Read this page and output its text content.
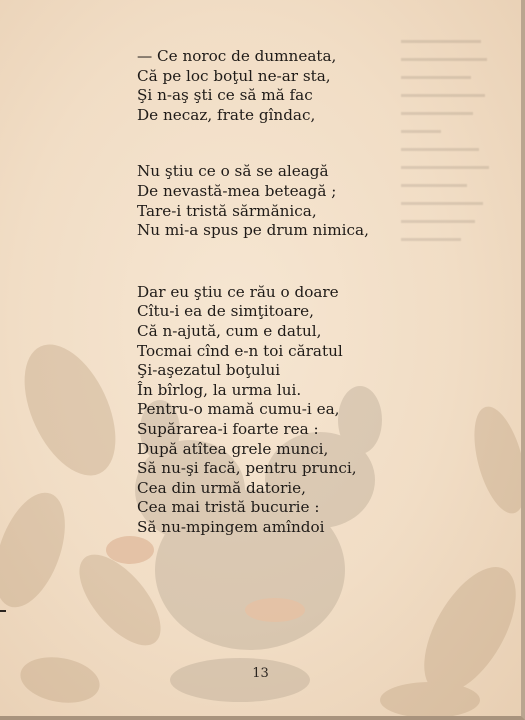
— Ce noroc de dumneata,
Că pe loc boţul ne-ar sta,
Şi n-aş şti ce să mă fac
De necaz, frate gîndac,
Nu ştiu ce o să se aleagă
De nevastă-mea beteagă ;
Tare-i tristă sărmănica,
Nu mi-a spus pe drum nimica,
Dar eu ştiu ce rău o doare
Cîtu-i ea de simţitoare,
Că n-ajută, cum e datul,
Tocmai cînd e-n toi căratul
Şi-aşezatul boţului
În bîrlog, la urma lui.
Pentru-o mamă cumu-i ea,
Supărarea-i foarte rea :
După atîtea grele munci,
Să nu-şi facă, pentru prunci,
Cea din urmă datorie,
Cea mai tristă bucurie :
Să nu-mpingem amîndoi
13
